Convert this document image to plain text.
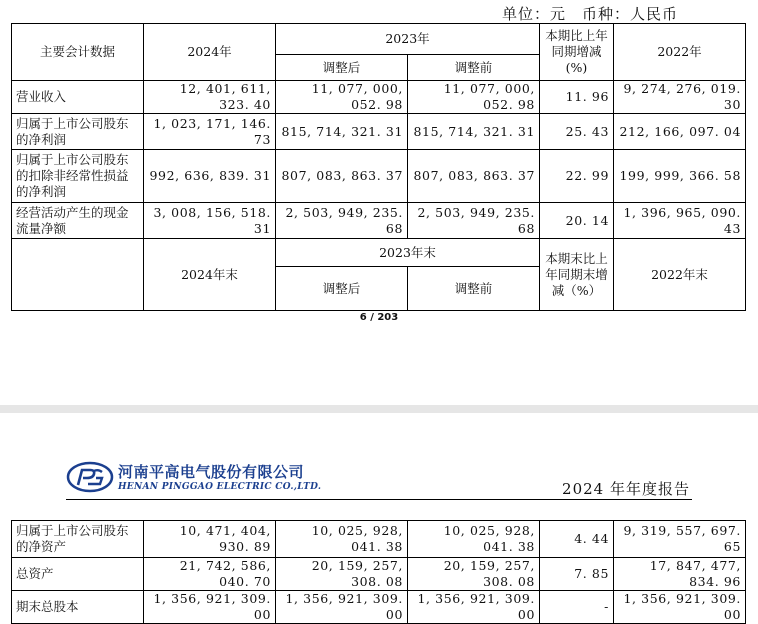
单位：元　币种：人民币
主要会计数据	2024年	2023年		本期比上年同期增减(%)	2022年
		调整后	调整前		
营业收入	12, 401, 611, 323. 40	11, 077, 000, 052. 98	11, 077, 000, 052. 98	11. 96	9, 274, 276, 019. 30
归属于上市公司股东的净利润	1, 023, 171, 146. 73	815, 714, 321. 31	815, 714, 321. 31	25. 43	212, 166, 097. 04
归属于上市公司股东的扣除非经常性损益的净利润	992, 636, 839. 31	807, 083, 863. 37	807, 083, 863. 37	22. 99	199, 999, 366. 58
经营活动产生的现金流量净额	3, 008, 156, 518. 31	2, 503, 949, 235. 68	2, 503, 949, 235. 68	20. 14	1, 396, 965, 090. 43
	2024年末	2023年末		本期末比上年同期末增减（%）	2022年末
		调整后	调整前		
6 / 203
河南平高电气股份有限公司
HENAN PINGGAO ELECTRIC CO.,LTD.	2024 年年度报告
归属于上市公司股东的净资产	10, 471, 404, 930. 89	10, 025, 928, 041. 38	10, 025, 928, 041. 38	4. 44	9, 319, 557, 697. 65
总资产	21, 742, 586, 040. 70	20, 159, 257, 308. 08	20, 159, 257, 308. 08	7. 85	17, 847, 477, 834. 96
期末总股本	1, 356, 921, 309. 00	1, 356, 921, 309. 00	1, 356, 921, 309. 00	-	1, 356, 921, 309. 00
